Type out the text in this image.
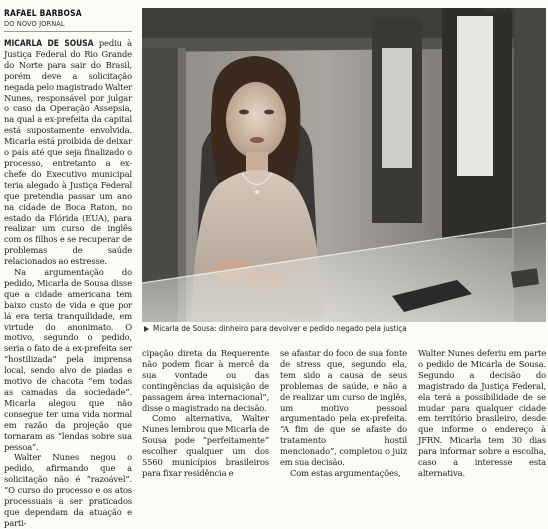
RAFAEL BARBOSA
DO NOVO JORNAL

MICARLA DE SOUSA pediu à Justiça Federal do Rio Grande do Norte para sair do Brasil, porém deve a solicitação negada pelo magistrado Walter Nunes, responsável por julgar o caso da Operação Assepsia, na qual a ex-prefeita da capital está supostamente envolvida. Micarla está proibida de deixar o país até que seja finalizado o processo, entretanto a ex-chefe do Executivo municipal teria alegado à Justiça Federal que pretendia passar um ano na cidade de Boca Raton, no estado da Flórida (EUA), para realizar um curso de inglês com os filhos e se recuperar de problemas de saúde relacionados ao estresse.

Na argumentação do pedido, Micarla de Sousa disse que a cidade americana tem baixo custo de vida e que por lá era teria tranquilidade, em virtude do anonimato. O motivo, segundo o pedido, seria o fato de a ex-prefeita ser “hostilizada” pela imprensa local, sendo alvo de piadas e motivo de chacota “em todas as camadas da sociedade”. Micarla alegou que não consegue ter uma vida normal em razão da projeção que tornaram as “lendas sobre sua pessoa”.

Walter Nunes negou o pedido, afirmando que a solicitação não é “razoável”. “O curso do processo e os atos processuais a ser praticados que dependam da atuação e parti-

DIEFSON DANTAS / NJ
Micarla de Sousa: dinheiro para devolver e pedido negado pela justiça

cipação direta da Requerente não podem ficar à mercê da sua vontade ou das contingências da aquisição de passagem área internacional”, disse o magistrado na decisão.

Como alternativa, Walter Nunes lembrou que Micarla de Sousa pode “perfeitamente” escolher qualquer um dos 5560 municípios brasileiros para fixar residência e

se afastar do foco de sua fonte de stress que, segundo ela, tem sido a causa de seus problemas de saúde, e não a de realizar um curso de inglês, um motivo pessoal argumentado pela ex-prefeita. “A fim de que se afaste do tratamento hostil mencionado”, completou o juiz em sua decisão.

Com estas argumentações,

Walter Nunes deferiu em parte o pedido de Micarla de Sousa. Segundo a decisão do magistrado da Justiça Federal, ela terá a possibilidade de se mudar para qualquer cidade em território brasileiro, desde que informe o endereço à JFRN. Micarla tem 30 dias para informar sobre a escolha, caso a interesse esta alternativa.
